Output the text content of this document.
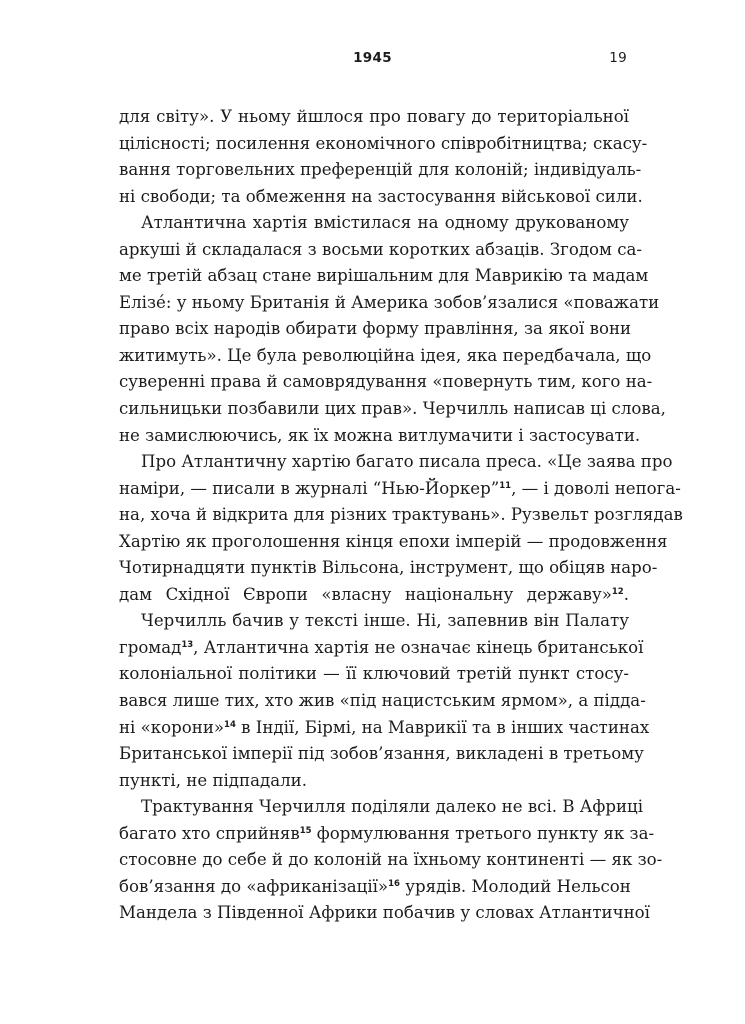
1945	19
для світу». У ньому йшлося про повагу до територіальної
цілісності; посилення економічного співробітництва; скасу-
вання торговельних преференцій для колоній; індивідуаль-
ні свободи; та обмеження на застосування військової сили.
Атлантична хартія вмістилася на одному друкованому
аркуші й складалася з восьми коротких абзаців. Згодом са-
ме третій абзац стане вирішальним для Маврикію та мадам
Елізé: у ньому Британія й Америка зобов’язалися «поважати
право всіх народів обирати форму правління, за якої вони
житимуть». Це була революційна ідея, яка передбачала, що
суверенні права й самоврядування «повернуть тим, кого на-
сильницьки позбавили цих прав». Черчилль написав ці слова,
не замислюючись, як їх можна витлумачити і застосувати.
Про Атлантичну хартію багато писала преса. «Це заява про
наміри, — писали в журналі “Нью-Йоркер”$^{11}$, — і доволі непога-
на, хоча й відкрита для різних трактувань». Рузвельт розглядав
Хартію як проголошення кінця епохи імперій — продовження
Чотирнадцяти пунктів Вільсона, інструмент, що обіцяв наро-
дам Східної Європи «власну національну державу»$^{12}$.
Черчилль бачив у тексті інше. Ні, запевнив він Палату
громад$^{13}$, Атлантична хартія не означає кінець британської
колоніальної політики — її ключовий третій пункт стосу-
вався лише тих, хто жив «під нацистським ярмом», а підда-
ні «корони»$^{14}$ в Індії, Бірмі, на Маврикії та в інших частинах
Британської імперії під зобов’язання, викладені в третьому
пункті, не підпадали.
Трактування Черчилля поділяли далеко не всі. В Африці
багато хто сприйняв$^{15}$ формулювання третього пункту як за-
стосовне до себе й до колоній на їхньому континенті — як зо-
бов’язання до «африканізації»$^{16}$ урядів. Молодий Нельсон
Мандела з Південної Африки побачив у словах Атлантичної
